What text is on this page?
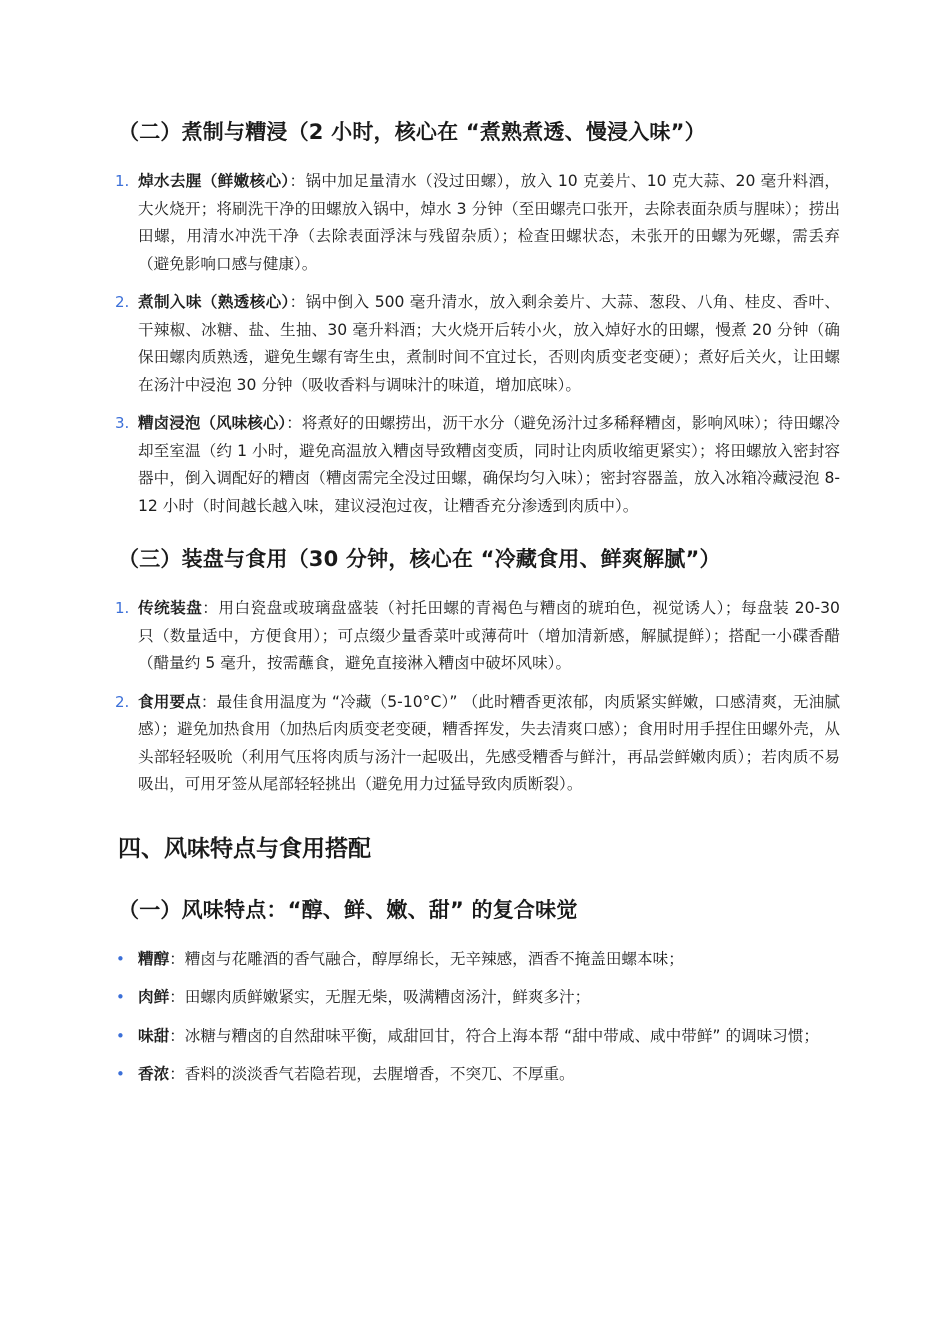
（二）煮制与糟浸（2 小时，核心在 “煮熟煮透、慢浸入味”）
1. 焯水去腥（鲜嫩核心）：锅中加足量清水（没过田螺），放入 10 克姜片、10 克大蒜、20 毫升料酒，大火烧开；将刷洗干净的田螺放入锅中，焯水 3 分钟（至田螺壳口张开，去除表面杂质与腥味）；捞出田螺，用清水冲洗干净（去除表面浮沫与残留杂质）；检查田螺状态，未张开的田螺为死螺，需丢弃（避免影响口感与健康）。
2. 煮制入味（熟透核心）：锅中倒入 500 毫升清水，放入剩余姜片、大蒜、葱段、八角、桂皮、香叶、干辣椒、冰糖、盐、生抽、30 毫升料酒；大火烧开后转小火，放入焯好水的田螺，慢煮 20 分钟（确保田螺肉质熟透，避免生螺有寄生虫，煮制时间不宜过长，否则肉质变老变硬）；煮好后关火，让田螺在汤汁中浸泡 30 分钟（吸收香料与调味汁的味道，增加底味）。
3. 糟卤浸泡（风味核心）：将煮好的田螺捞出，沥干水分（避免汤汁过多稀释糟卤，影响风味）；待田螺冷却至室温（约 1 小时，避免高温放入糟卤导致糟卤变质，同时让肉质收缩更紧实）；将田螺放入密封容器中，倒入调配好的糟卤（糟卤需完全没过田螺，确保均匀入味）；密封容器盖，放入冰箱冷藏浸泡 8-12 小时（时间越长越入味，建议浸泡过夜，让糟香充分渗透到肉质中）。
（三）装盘与食用（30 分钟，核心在 “冷藏食用、鲜爽解腻”）
1. 传统装盘：用白瓷盘或玻璃盘盛装（衬托田螺的青褐色与糟卤的琥珀色，视觉诱人）；每盘装 20-30 只（数量适中，方便食用）；可点缀少量香菜叶或薄荷叶（增加清新感，解腻提鲜）；搭配一小碟香醋（醋量约 5 毫升，按需蘸食，避免直接淋入糟卤中破坏风味）。
2. 食用要点：最佳食用温度为 “冷藏（5-10°C）” （此时糟香更浓郁，肉质紧实鲜嫩，口感清爽，无油腻感）；避免加热食用（加热后肉质变老变硬，糟香挥发，失去清爽口感）；食用时用手捏住田螺外壳，从头部轻轻吸吮（利用气压将肉质与汤汁一起吸出，先感受糟香与鲜汁，再品尝鲜嫩肉质）；若肉质不易吸出，可用牙签从尾部轻轻挑出（避免用力过猛导致肉质断裂）。
四、风味特点与食用搭配
（一）风味特点：“醇、鲜、嫩、甜” 的复合味觉
• 糟醇：糟卤与花雕酒的香气融合，醇厚绵长，无辛辣感，酒香不掩盖田螺本味；
• 肉鲜：田螺肉质鲜嫩紧实，无腥无柴，吸满糟卤汤汁，鲜爽多汁；
• 味甜：冰糖与糟卤的自然甜味平衡，咸甜回甘，符合上海本帮 “甜中带咸、咸中带鲜” 的调味习惯；
• 香浓：香料的淡淡香气若隐若现，去腥增香，不突兀、不厚重。
